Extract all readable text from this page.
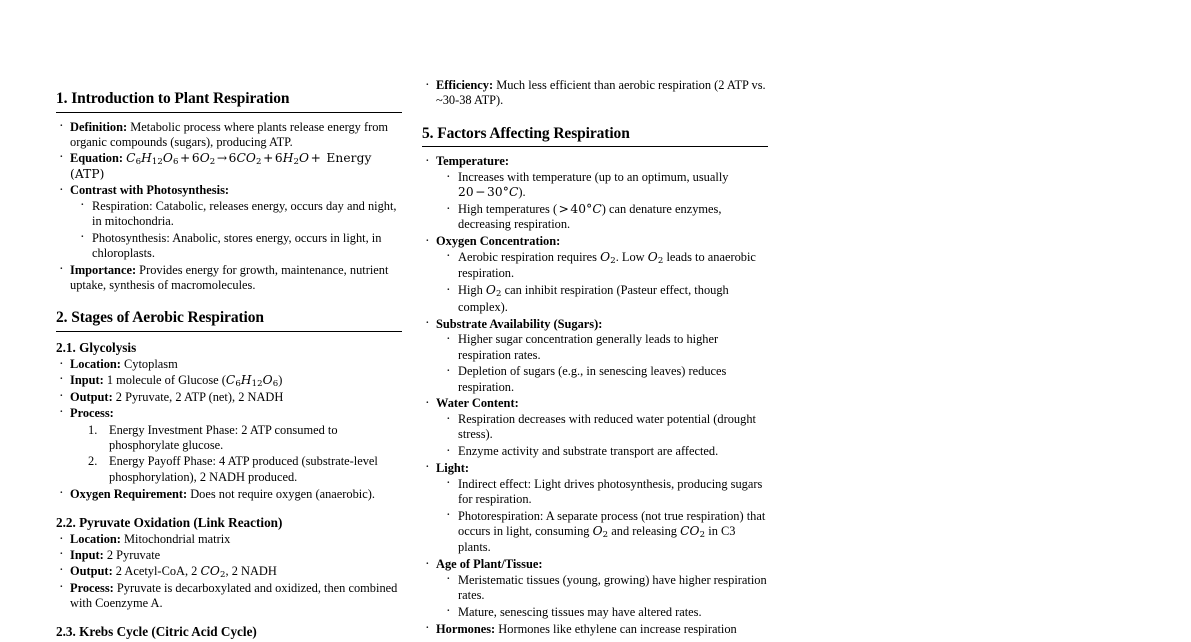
1. Introduction to Plant Respiration
· Definition: Metabolic process where plants release energy from organic compounds (sugars), producing ATP.
· Equation: $C_6H_{12}O_6 + 6O_2 \to 6CO_2 + 6H_2O$ + Energy (ATP)
· Contrast with Photosynthesis:
· Respiration: Catabolic, releases energy, occurs day and night, in mitochondria.
· Photosynthesis: Anabolic, stores energy, occurs in light, in chloroplasts.
· Importance: Provides energy for growth, maintenance, nutrient uptake, synthesis of macromolecules.
2. Stages of Aerobic Respiration
2.1. Glycolysis
· Location: Cytoplasm
· Input: 1 molecule of Glucose $(C_6H_{12}O_6)$
· Output: 2 Pyruvate, 2 ATP (net), 2 NADH
· Process:
Energy Investment Phase: 2 ATP consumed to phosphorylate glucose.
Energy Payoff Phase: 4 ATP produced (substrate-level phosphorylation), 2 NADH produced.
· Oxygen Requirement: Does not require oxygen (anaerobic).
2.2. Pyruvate Oxidation (Link Reaction)
· Location: Mitochondrial matrix
· Input: 2 Pyruvate
· Output: 2 Acetyl-CoA, 2 $CO_2$, 2 NADH
· Process: Pyruvate is decarboxylated and oxidized, then combined with Coenzyme A.
2.3. Krebs Cycle (Citric Acid Cycle)
· Efficiency: Much less efficient than aerobic respiration (2 ATP vs. ~30-38 ATP).
5. Factors Affecting Respiration
· Temperature:
· Increases with temperature (up to an optimum, usually 20 − 30°C).
· High temperatures ( > 40°C) can denature enzymes, decreasing respiration.
· Oxygen Concentration:
· Aerobic respiration requires $O_2$. Low $O_2$ leads to anaerobic respiration.
· High $O_2$ can inhibit respiration (Pasteur effect, though complex).
· Substrate Availability (Sugars):
· Higher sugar concentration generally leads to higher respiration rates.
· Depletion of sugars (e.g., in senescing leaves) reduces respiration.
· Water Content:
· Respiration decreases with reduced water potential (drought stress).
· Enzyme activity and substrate transport are affected.
· Light:
· Indirect effect: Light drives photosynthesis, producing sugars for respiration.
· Photorespiration: A separate process (not true respiration) that occurs in light, consuming $O_2$ and releasing $CO_2$ in C3 plants.
· Age of Plant/Tissue:
· Meristematic tissues (young, growing) have higher respiration rates.
· Mature, senescing tissues may have altered rates.
· Hormones: Hormones like ethylene can increase respiration
